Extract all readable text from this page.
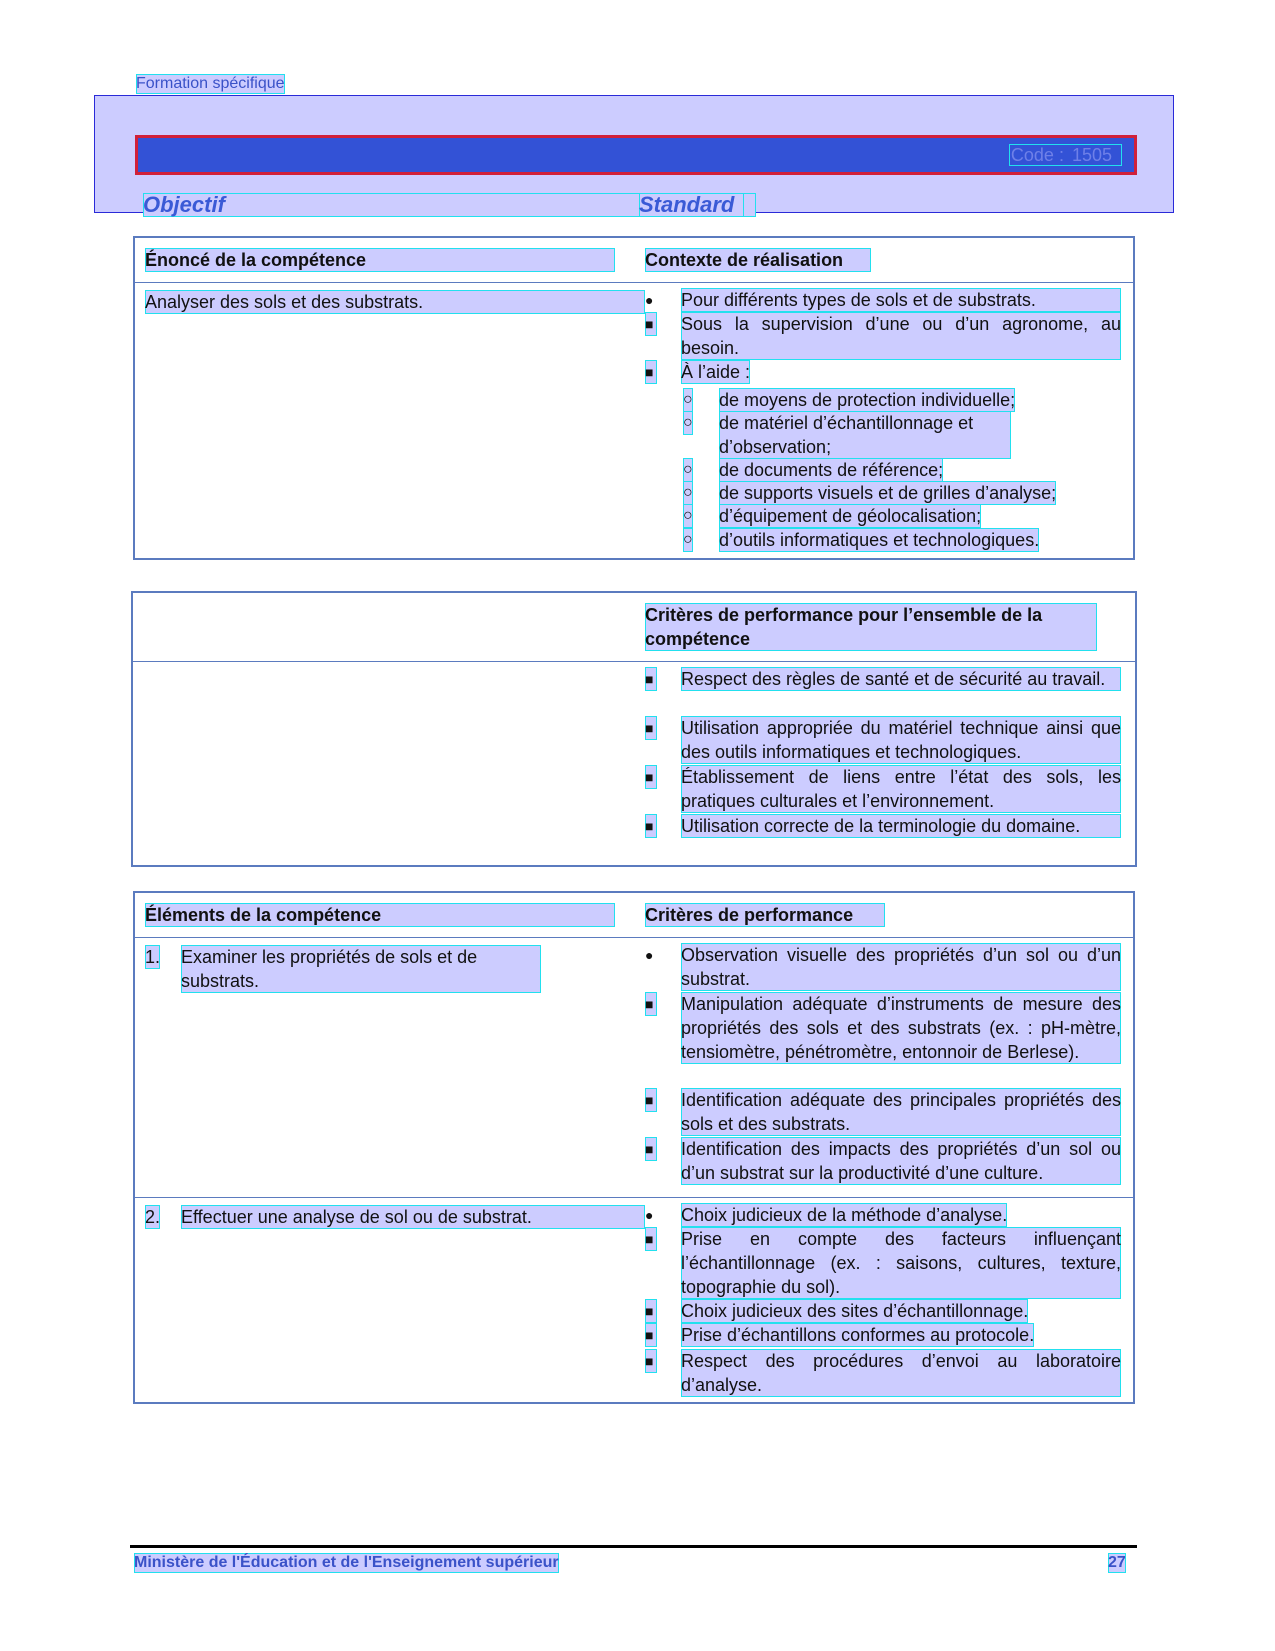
Formation spécifique
Code : 1505
Objectif	Standard
Énoncé de la compétence	Contexte de réalisation
Analyser des sols et des substrats.	● Pour différents types de sols et de substrats.
■ Sous la supervision d’une ou d’un agronome, au besoin.
■ À l’aide :
○ de moyens de protection individuelle;
○ de matériel d’échantillonnage et d’observation;
○ de documents de référence;
○ de supports visuels et de grilles d’analyse;
○ d’équipement de géolocalisation;
○ d’outils informatiques et technologiques.
Critères de performance pour l’ensemble de la compétence
■ Respect des règles de santé et de sécurité au travail.
■ Utilisation appropriée du matériel technique ainsi que des outils informatiques et technologiques.
■ Établissement de liens entre l’état des sols, les pratiques culturales et l’environnement.
■ Utilisation correcte de la terminologie du domaine.
Éléments de la compétence	Critères de performance
1. Examiner les propriétés de sols et de substrats.
● Observation visuelle des propriétés d’un sol ou d’un substrat.
■ Manipulation adéquate d’instruments de mesure des propriétés des sols et des substrats (ex. : pH-mètre, tensiomètre, pénétromètre, entonnoir de Berlese).
■ Identification adéquate des principales propriétés des sols et des substrats.
■ Identification des impacts des propriétés d’un sol ou d’un substrat sur la productivité d’une culture.
2. Effectuer une analyse de sol ou de substrat.	● Choix judicieux de la méthode d’analyse.
■ Prise en compte des facteurs influençant l’échantillonnage (ex. : saisons, cultures, texture, topographie du sol).
■ Choix judicieux des sites d’échantillonnage.
■ Prise d’échantillons conformes au protocole.
■ Respect des procédures d’envoi au laboratoire d’analyse.
Ministère de l'Éducation et de l'Enseignement supérieur	27
